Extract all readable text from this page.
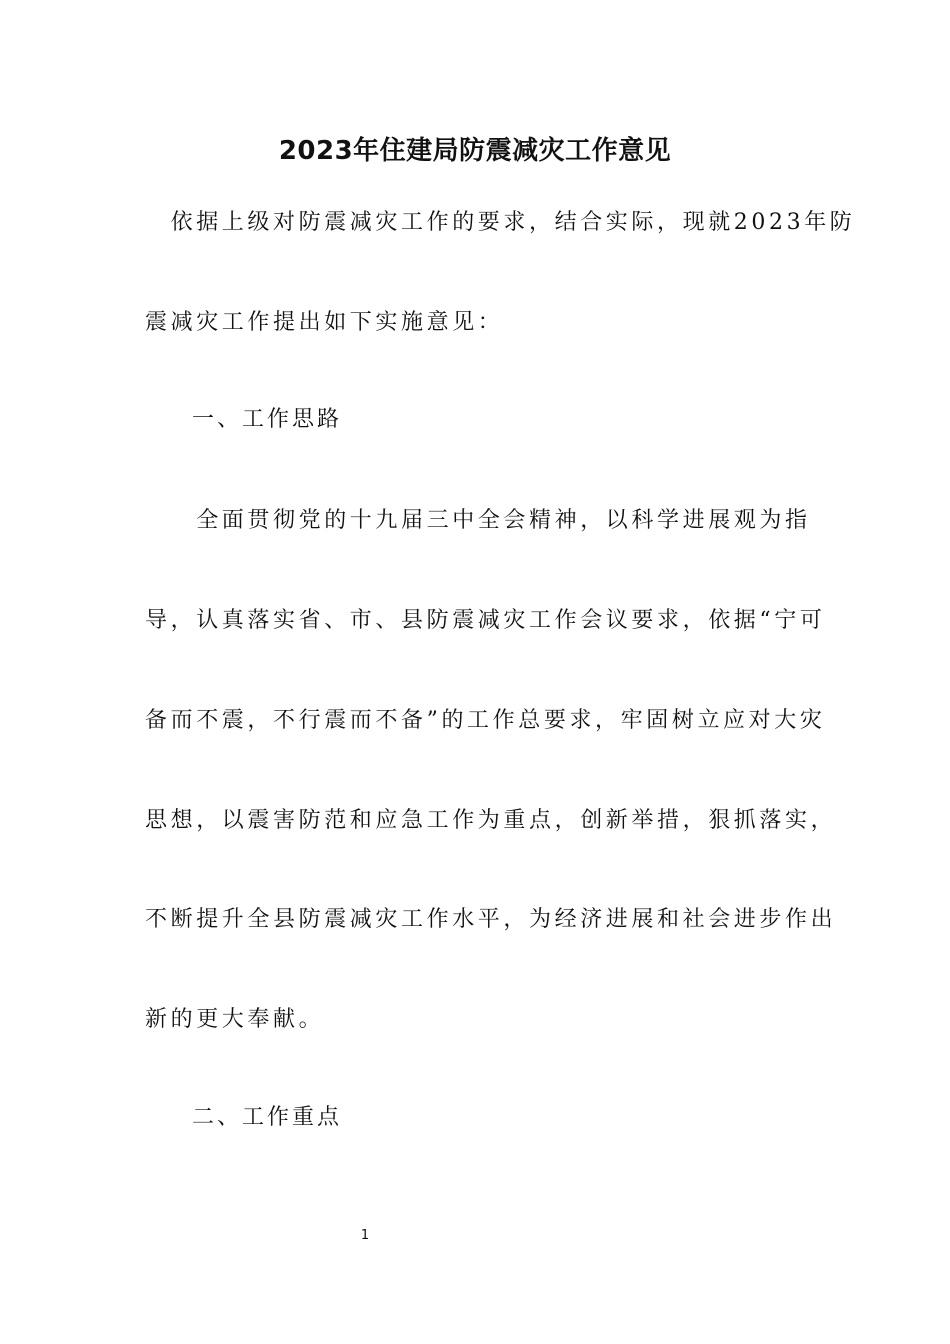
2023年住建局防震减灾工作意见
　依据上级对防震减灾工作的要求，结合实际，现就2023年防
震减灾工作提出如下实施意见：
一、工作思路
　　全面贯彻党的十九届三中全会精神，以科学进展观为指
导，认真落实省、市、县防震减灾工作会议要求，依据“宁可
备而不震，不行震而不备”的工作总要求，牢固树立应对大灾
思想，以震害防范和应急工作为重点，创新举措，狠抓落实，
不断提升全县防震减灾工作水平，为经济进展和社会进步作出
新的更大奉献。
二、工作重点
1
